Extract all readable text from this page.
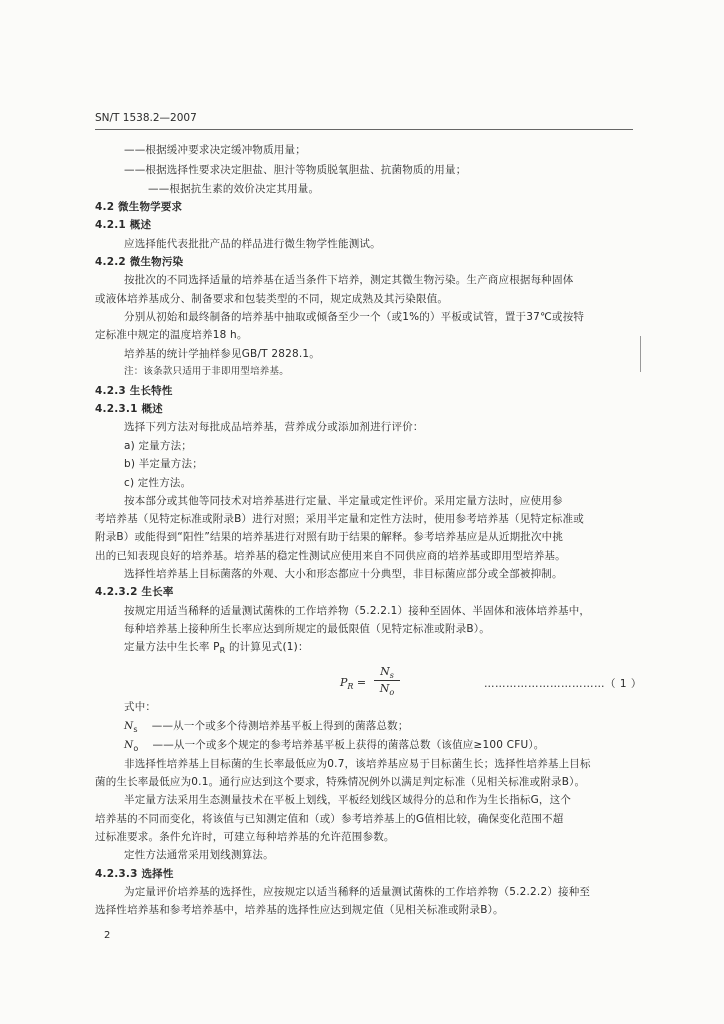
SN/T 1538.2—2007
——根据缓冲要求决定缓冲物质用量；
——根据选择性要求决定胆盐、胆汁等物质脱氧胆盐、抗菌物质的用量；
——根据抗生素的效价决定其用量。
4.2 微生物学要求
4.2.1 概述
应选择能代表批批产品的样品进行微生物学性能测试。
4.2.2 微生物污染
按批次的不同选择适量的培养基在适当条件下培养，测定其微生物污染。生产商应根据每种固体
或液体培养基成分、制备要求和包装类型的不同，规定成熟及其污染限值。
分别从初始和最终制备的培养基中抽取或倾备至少一个（或1%的）平板或试管，置于37℃或按特
定标准中规定的温度培养18 h。
培养基的统计学抽样参见GB/T 2828.1。
注：该条款只适用于非即用型培养基。
4.2.3 生长特性
4.2.3.1 概述
选择下列方法对每批成品培养基，营养成分或添加剂进行评价：
a) 定量方法；
b) 半定量方法；
c) 定性方法。
按本部分或其他等同技术对培养基进行定量、半定量或定性评价。采用定量方法时，应使用参
考培养基（见特定标准或附录B）进行对照；采用半定量和定性方法时，使用参考培养基（见特定标准或
附录B）或能得到“阳性”结果的培养基进行对照有助于结果的解释。参考培养基应是从近期批次中挑
出的已知表现良好的培养基。培养基的稳定性测试应使用来自不同供应商的培养基或即用型培养基。
选择性培养基上目标菌落的外观、大小和形态都应十分典型，非目标菌应部分或全部被抑制。
4.2.3.2 生长率
按规定用适当稀释的适量测试菌株的工作培养物（5.2.2.1）接种至固体、半固体和液体培养基中，
每种培养基上接种所生长率应达到所规定的最低限值（见特定标准或附录B）。
定量方法中生长率 $P_R$ 的计算见式(1)：
$P_R$ =
$N_s$
$N_o$
……………………………（ 1 ）
式中：
$N_s$ ——从一个或多个待测培养基平板上得到的菌落总数；
$N_o$ ——从一个或多个规定的参考培养基平板上获得的菌落总数（该值应≥100 CFU）。
非选择性培养基上目标菌的生长率最低应为0.7，该培养基应易于目标菌生长；选择性培养基上目标
菌的生长率最低应为0.1。通行应达到这个要求，特殊情况例外以满足判定标准（见相关标准或附录B）。
半定量方法采用生态测量技术在平板上划线，平板经划线区域得分的总和作为生长指标G，这个
培养基的不同而变化，将该值与已知测定值和（或）参考培养基上的G值相比较，确保变化范围不超
过标准要求。条件允许时，可建立每种培养基的允许范围参数。
定性方法通常采用划线测算法。
4.2.3.3 选择性
为定量评价培养基的选择性，应按规定以适当稀释的适量测试菌株的工作培养物（5.2.2.2）接种至
选择性培养基和参考培养基中，培养基的选择性应达到规定值（见相关标准或附录B）。
2
